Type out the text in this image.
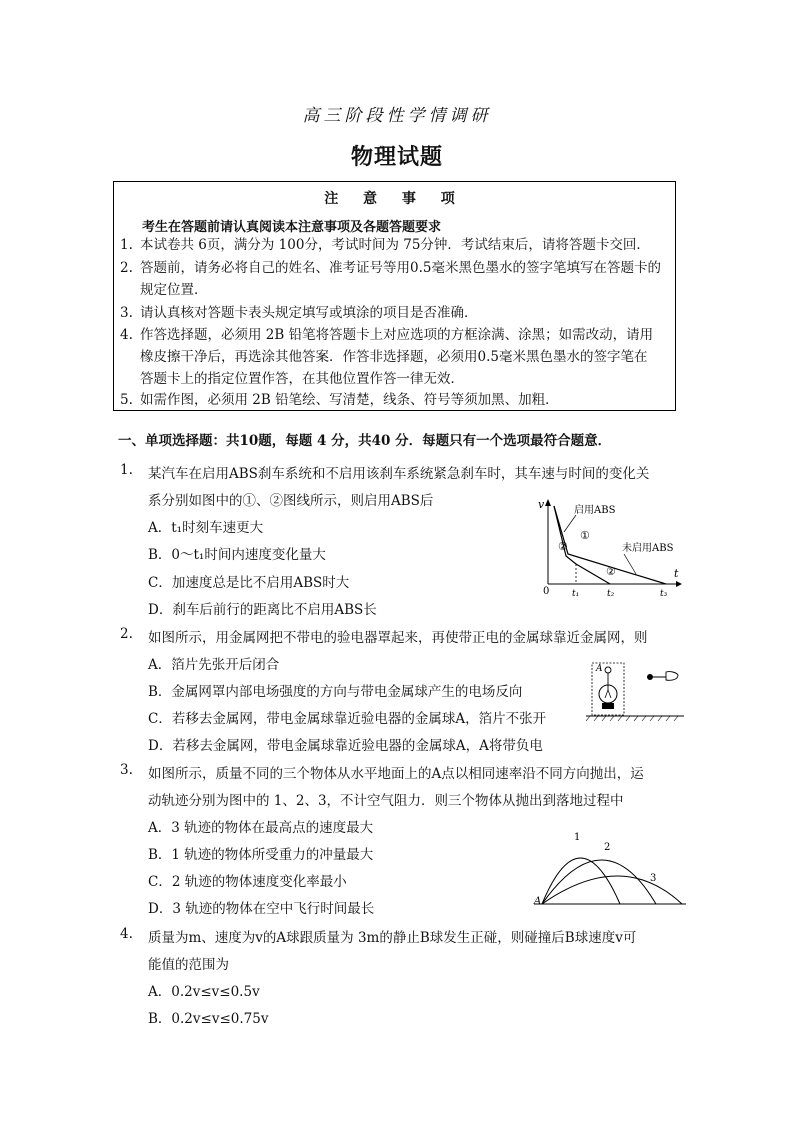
高三阶段性学情调研
物理试题
注 意 事 项
考生在答题前请认真阅读本注意事项及各题答题要求
1. 本试卷共 6页，满分为 100分，考试时间为 75分钟．考试结束后，请将答题卡交回．
2. 答题前，请务必将自己的姓名、准考证号等用0.5毫米黑色墨水的签字笔填写在答题卡的
规定位置．
3. 请认真核对答题卡表头规定填写或填涂的项目是否准确．
4. 作答选择题，必须用 2B 铅笔将答题卡上对应选项的方框涂满、涂黑；如需改动，请用
橡皮擦干净后，再选涂其他答案．作答非选择题，必须用0.5毫米黑色墨水的签字笔在
答题卡上的指定位置作答，在其他位置作答一律无效．
5. 如需作图，必须用 2B 铅笔绘、写清楚，线条、符号等须加黑、加粗．
一、单项选择题：共10题，每题 4 分，共40 分．每题只有一个选项最符合题意．
1. 某汽车在启用ABS刹车系统和不启用该刹车系统紧急刹车时，其车速与时间的变化关
系分别如图中的①、②图线所示，则启用ABS后
A．t₁时刻车速更大
B．0～t₁时间内速度变化量大
C．加速度总是比不启用ABS时大
D．刹车后前行的距离比不启用ABS长
v
t
0
启用ABS
未启用ABS
①
②
②
t₁	t₂	t₃
2. 如图所示，用金属网把不带电的验电器罩起来，再使带正电的金属球靠近金属网，则
A．箔片先张开后闭合
B．金属网罩内部电场强度的方向与带电金属球产生的电场反向
C．若移去金属网，带电金属球靠近验电器的金属球A，箔片不张开
D．若移去金属网，带电金属球靠近验电器的金属球A，A将带负电
A
3. 如图所示，质量不同的三个物体从水平地面上的A点以相同速率沿不同方向抛出，运
动轨迹分别为图中的 1、2、3，不计空气阻力．则三个物体从抛出到落地过程中
A．3 轨迹的物体在最高点的速度最大
B．1 轨迹的物体所受重力的冲量最大
C．2 轨迹的物体速度变化率最小
D．3 轨迹的物体在空中飞行时间最长	A
1
2
3
4. 质量为m、速度为v的A球跟质量为 3m的静止B球发生正碰，则碰撞后B球速度v可
能值的范围为
A．0.2v≤v≤0.5v
B．0.2v≤v≤0.75v
